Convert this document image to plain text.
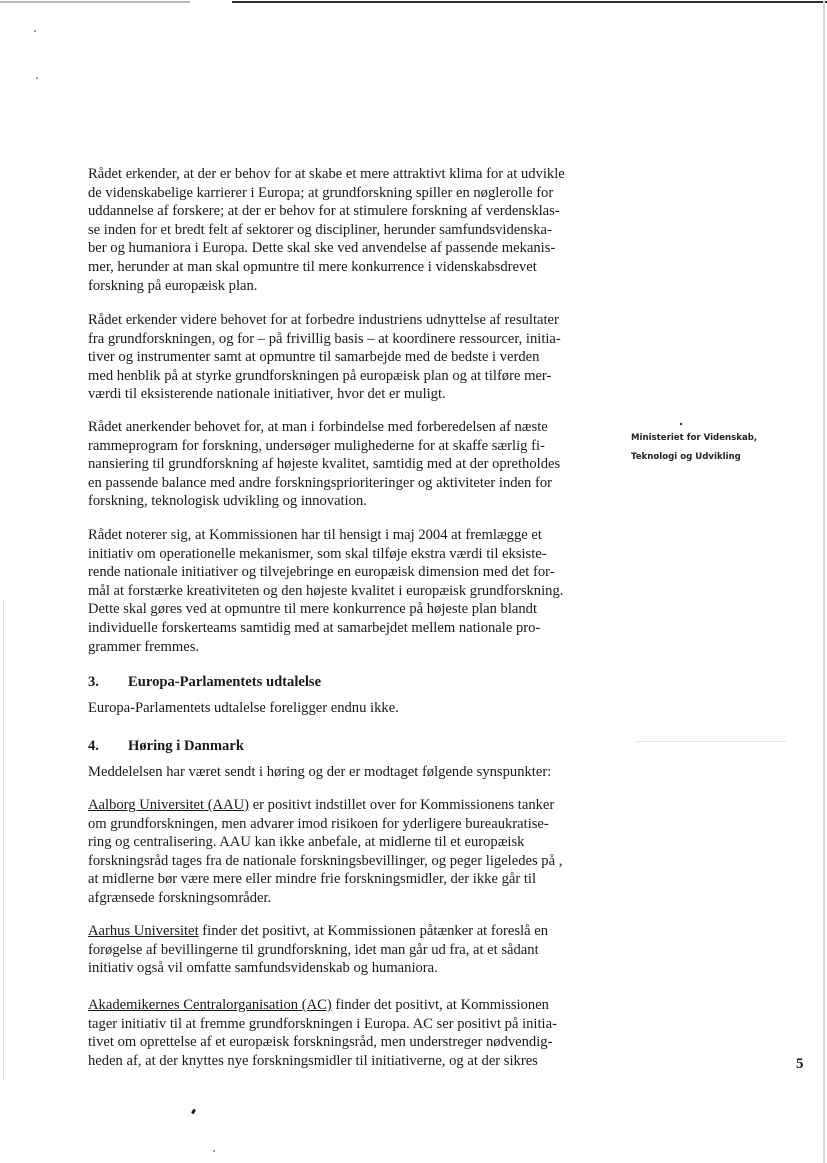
Rådet erkender, at der er behov for at skabe et mere attraktivt klima for at udvikle
de videnskabelige karrierer i Europa; at grundforskning spiller en nøglerolle for
uddannelse af forskere; at der er behov for at stimulere forskning af verdensklas-
se inden for et bredt felt af sektorer og discipliner, herunder samfundsvidenska-
ber og humaniora i Europa. Dette skal ske ved anvendelse af passende mekanis-
mer, herunder at man skal opmuntre til mere konkurrence i videnskabsdrevet
forskning på europæisk plan.
Rådet erkender videre behovet for at forbedre industriens udnyttelse af resultater
fra grundforskningen, og for – på frivillig basis – at koordinere ressourcer, initia-
tiver og instrumenter samt at opmuntre til samarbejde med de bedste i verden
med henblik på at styrke grundforskningen på europæisk plan og at tilføre mer-
værdi til eksisterende nationale initiativer, hvor det er muligt.
Rådet anerkender behovet for, at man i forbindelse med forberedelsen af næste
rammeprogram for forskning, undersøger mulighederne for at skaffe særlig fi-
nansiering til grundforskning af højeste kvalitet, samtidig med at der opretholdes
en passende balance med andre forskningsprioriteringer og aktiviteter inden for
forskning, teknologisk udvikling og innovation.
Rådet noterer sig, at Kommissionen har til hensigt i maj 2004 at fremlægge et
initiativ om operationelle mekanismer, som skal tilføje ekstra værdi til eksiste-
rende nationale initiativer og tilvejebringe en europæisk dimension med det for-
mål at forstærke kreativiteten og den højeste kvalitet i europæisk grundforskning.
Dette skal gøres ved at opmuntre til mere konkurrence på højeste plan blandt
individuelle forskerteams samtidig med at samarbejdet mellem nationale pro-
grammer fremmes.
3. Europa-Parlamentets udtalelse
Europa-Parlamentets udtalelse foreligger endnu ikke.
4. Høring i Danmark
Meddelelsen har været sendt i høring og der er modtaget følgende synspunkter:
Aalborg Universitet (AAU) er positivt indstillet over for Kommissionens tanker
om grundforskningen, men advarer imod risikoen for yderligere bureaukratise-
ring og centralisering. AAU kan ikke anbefale, at midlerne til et europæisk
forskningsråd tages fra de nationale forskningsbevillinger, og peger ligeledes på ,
at midlerne bør være mere eller mindre frie forskningsmidler, der ikke går til
afgrænsede forskningsområder.
Aarhus Universitet finder det positivt, at Kommissionen påtænker at foreslå en
forøgelse af bevillingerne til grundforskning, idet man går ud fra, at et sådant
initiativ også vil omfatte samfundsvidenskab og humaniora.
Akademikernes Centralorganisation (AC) finder det positivt, at Kommissionen
tager initiativ til at fremme grundforskningen i Europa. AC ser positivt på initia-
tivet om oprettelse af et europæisk forskningsråd, men understreger nødvendig-
heden af, at der knyttes nye forskningsmidler til initiativerne, og at der sikres
Ministeriet for Videnskab,
Teknologi og Udvikling
5
